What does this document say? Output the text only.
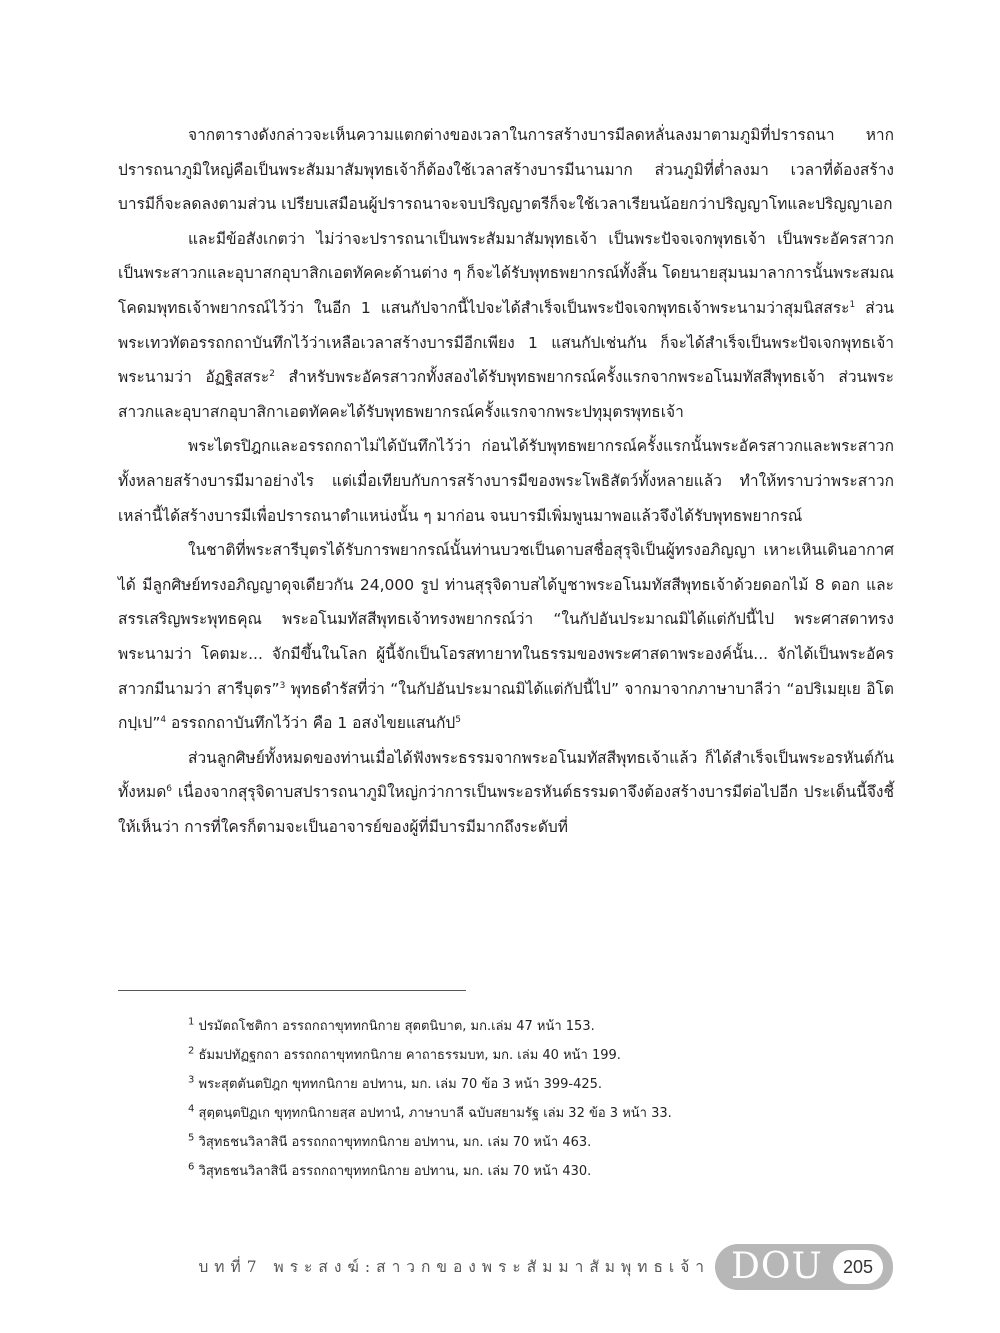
จากตารางดังกล่าวจะเห็นความแตกต่างของเวลาในการสร้างบารมีลดหลั่นลงมาตามภูมิที่ปรารถนา หากปรารถนาภูมิใหญ่คือเป็นพระสัมมาสัมพุทธเจ้าก็ต้องใช้เวลาสร้างบารมีนานมาก ส่วนภูมิที่ต่ำลงมา เวลาที่ต้องสร้างบารมีก็จะลดลงตามส่วน เปรียบเสมือนผู้ปรารถนาจะจบปริญญาตรีก็จะใช้เวลาเรียนน้อยกว่าปริญญาโทและปริญญาเอก

และมีข้อสังเกตว่า ไม่ว่าจะปรารถนาเป็นพระสัมมาสัมพุทธเจ้า เป็นพระปัจจเจกพุทธเจ้า เป็นพระอัครสาวก เป็นพระสาวกและอุบาสกอุบาสิกเอตทัคคะด้านต่าง ๆ ก็จะได้รับพุทธพยากรณ์ทั้งสิ้น โดยนายสุมนมาลาการนั้นพระสมณโคดมพุทธเจ้าพยากรณ์ไว้ว่า ในอีก 1 แสนกัปจากนี้ไปจะได้สำเร็จเป็นพระปัจเจกพุทธเจ้าพระนามว่าสุมนิสสระ$^1$ ส่วนพระเทวทัตอรรถกถาบันทึกไว้ว่าเหลือเวลาสร้างบารมีอีกเพียง 1 แสนกัปเช่นกัน ก็จะได้สำเร็จเป็นพระปัจเจกพุทธเจ้าพระนามว่า อัฏฐิสสระ$^2$ สำหรับพระอัครสาวกทั้งสองได้รับพุทธพยากรณ์ครั้งแรกจากพระอโนมทัสสีพุทธเจ้า ส่วนพระสาวกและอุบาสกอุบาสิกาเอตทัคคะได้รับพุทธพยากรณ์ครั้งแรกจากพระปทุมุตรพุทธเจ้า

พระไตรปิฎกและอรรถกถาไม่ได้บันทึกไว้ว่า ก่อนได้รับพุทธพยากรณ์ครั้งแรกนั้นพระอัครสาวกและพระสาวกทั้งหลายสร้างบารมีมาอย่างไร แต่เมื่อเทียบกับการสร้างบารมีของพระโพธิสัตว์ทั้งหลายแล้ว ทำให้ทราบว่าพระสาวกเหล่านี้ได้สร้างบารมีเพื่อปรารถนาตำแหน่งนั้น ๆ มาก่อน จนบารมีเพิ่มพูนมาพอแล้วจึงได้รับพุทธพยากรณ์

ในชาติที่พระสารีบุตรได้รับการพยากรณ์นั้นท่านบวชเป็นดาบสชื่อสุรุจิเป็นผู้ทรงอภิญญา เหาะเหินเดินอากาศได้ มีลูกศิษย์ทรงอภิญญาดุจเดียวกัน 24,000 รูป ท่านสุรุจิดาบสได้บูชาพระอโนมทัสสีพุทธเจ้าด้วยดอกไม้ 8 ดอก และสรรเสริญพระพุทธคุณ พระอโนมทัสสีพุทธเจ้าทรงพยากรณ์ว่า “ในกัปอันประมาณมิได้แต่กัปนี้ไป พระศาสดาทรงพระนามว่า โคตมะ... จักมีขึ้นในโลก ผู้นี้จักเป็นโอรสทายาทในธรรมของพระศาสดาพระองค์นั้น... จักได้เป็นพระอัครสาวกมีนามว่า สารีบุตร”$^3$ พุทธดำรัสที่ว่า “ในกัปอันประมาณมิได้แต่กัปนี้ไป” จากมาจากภาษาบาลีว่า “อปริเมยฺเย อิโต กปฺเป”$^4$ อรรถกถาบันทึกไว้ว่า คือ 1 อสงไขยแสนกัป$^5$

ส่วนลูกศิษย์ทั้งหมดของท่านเมื่อได้ฟังพระธรรมจากพระอโนมทัสสีพุทธเจ้าแล้ว ก็ได้สำเร็จเป็นพระอรหันต์กันทั้งหมด$^6$ เนื่องจากสุรุจิดาบสปรารถนาภูมิใหญ่กว่าการเป็นพระอรหันต์ธรรมดาจึงต้องสร้างบารมีต่อไปอีก ประเด็นนี้จึงชี้ให้เห็นว่า การที่ใครก็ตามจะเป็นอาจารย์ของผู้ที่มีบารมีมากถึงระดับที่

$^1$ ปรมัตถโชติกา อรรถกถาขุททกนิกาย สุตตนิบาต, มก.เล่ม 47 หน้า 153.
$^2$ ธัมมปทัฏฐกถา อรรถกถาขุททกนิกาย คาถาธรรมบท, มก. เล่ม 40 หน้า 199.
$^3$ พระสุตตันตปิฎก ขุททกนิกาย อปทาน, มก. เล่ม 70 ข้อ 3 หน้า 399-425.
$^4$ สุตฺตนฺตปิฏเก ขุทฺทกนิกายสฺส อปทานํ, ภาษาบาลี ฉบับสยามรัฐ เล่ม 32 ข้อ 3 หน้า 33.
$^5$ วิสุทธชนวิลาสินี อรรถกถาขุททกนิกาย อปทาน, มก. เล่ม 70 หน้า 463.
$^6$ วิสุทธชนวิลาสินี อรรถกถาขุททกนิกาย อปทาน, มก. เล่ม 70 หน้า 430.
บทที่7 พระสงฆ์:สาวกของพระสัมมาสัมพุทธเจ้า DOU	205
